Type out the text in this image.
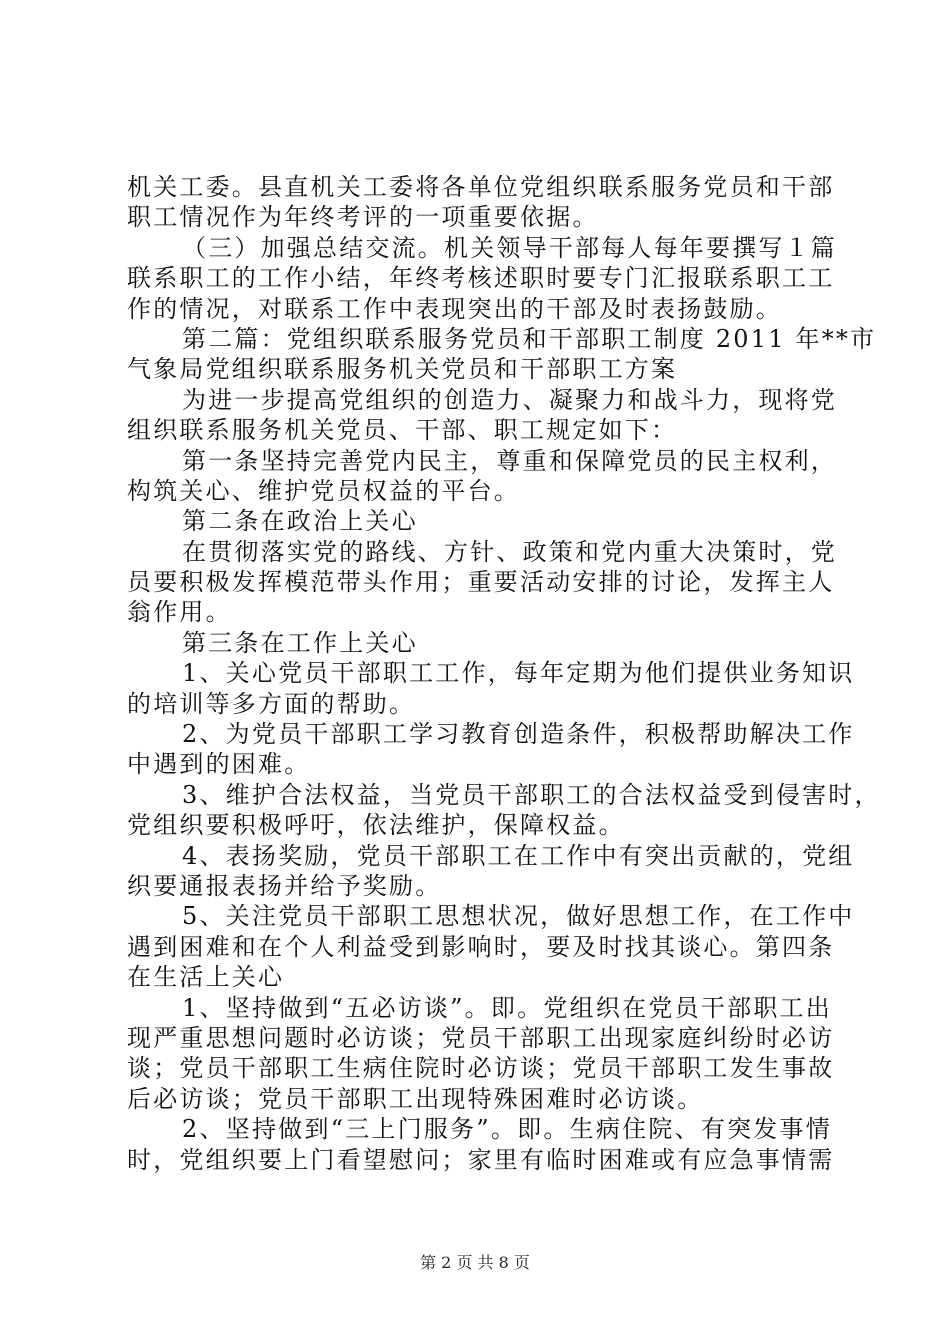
机关工委。县直机关工委将各单位党组织联系服务党员和干部
职工情况作为年终考评的一项重要依据。
（三）加强总结交流。机关领导干部每人每年要撰写１篇
联系职工的工作小结，年终考核述职时要专门汇报联系职工工
作的情况，对联系工作中表现突出的干部及时表扬鼓励。
第二篇：党组织联系服务党员和干部职工制度 2011 年**市
气象局党组织联系服务机关党员和干部职工方案
为进一步提高党组织的创造力、凝聚力和战斗力，现将党
组织联系服务机关党员、干部、职工规定如下：
第一条坚持完善党内民主，尊重和保障党员的民主权利，
构筑关心、维护党员权益的平台。
第二条在政治上关心
在贯彻落实党的路线、方针、政策和党内重大决策时，党
员要积极发挥模范带头作用；重要活动安排的讨论，发挥主人
翁作用。
第三条在工作上关心
1、关心党员干部职工工作，每年定期为他们提供业务知识
的培训等多方面的帮助。
2、为党员干部职工学习教育创造条件，积极帮助解决工作
中遇到的困难。
3、维护合法权益，当党员干部职工的合法权益受到侵害时，
党组织要积极呼吁，依法维护，保障权益。
4、表扬奖励，党员干部职工在工作中有突出贡献的，党组
织要通报表扬并给予奖励。
5、关注党员干部职工思想状况，做好思想工作，在工作中
遇到困难和在个人利益受到影响时，要及时找其谈心。第四条
在生活上关心
1、坚持做到“五必访谈”。即。党组织在党员干部职工出
现严重思想问题时必访谈；党员干部职工出现家庭纠纷时必访
谈；党员干部职工生病住院时必访谈；党员干部职工发生事故
后必访谈；党员干部职工出现特殊困难时必访谈。
2、坚持做到“三上门服务”。即。生病住院、有突发事情
时，党组织要上门看望慰问；家里有临时困难或有应急事情需
第 2 页 共 8 页
